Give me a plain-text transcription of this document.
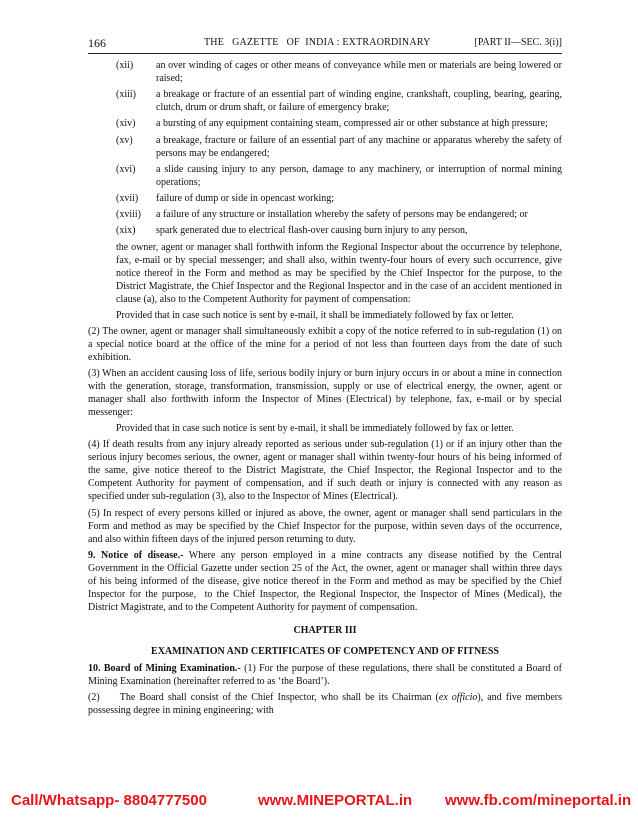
166	THE   GAZETTE   OF  INDIA : EXTRAORDINARY	[PART II—SEC. 3(i)]
(xii)	an over winding of cages or other means of conveyance while men or materials are being lowered or raised;
(xiii)	a breakage or fracture of an essential part of winding engine, crankshaft, coupling, bearing, gearing, clutch, drum or drum shaft, or failure of emergency brake;
(xiv)	a bursting of any equipment containing steam, compressed air or other substance at high pressure;
(xv)	a breakage, fracture or failure of an essential part of any machine or apparatus whereby the safety of persons may be endangered;
(xvi)	a slide causing injury to any person, damage to any machinery, or interruption of normal mining operations;
(xvii)	failure of dump or side in opencast working;
(xviii)	a failure of any structure or installation whereby the safety of persons may be endangered; or
(xix)	spark generated due to electrical flash-over causing burn injury to any person,
the owner, agent or manager shall forthwith inform the Regional Inspector about the occurrence by telephone, fax, e-mail or by special messenger; and shall also, within twenty-four hours of every such occurrence, give notice thereof in the Form and method as may be specified by the Chief Inspector for the purpose, to the District Magistrate, the Chief Inspector and the Regional Inspector and in the case of an accident mentioned in clause (a), also to the Competent Authority for payment of compensation:
Provided that in case such notice is sent by e-mail, it shall be immediately followed by fax or letter.
(2) The owner, agent or manager shall simultaneously exhibit a copy of the notice referred to in sub-regulation (1) on a special notice board at the office of the mine for a period of not less than fourteen days from the date of such exhibition.
(3) When an accident causing loss of life, serious bodily injury or burn injury occurs in or about a mine in connection with the generation, storage, transformation, transmission, supply or use of electrical energy, the owner, agent or manager shall also forthwith inform the Inspector of Mines (Electrical) by telephone, fax, e-mail or by special messenger:
Provided that in case such notice is sent by e-mail, it shall be immediately followed by fax or letter.
(4) If death results from any injury already reported as serious under sub-regulation (1) or if an injury other than the serious injury becomes serious, the owner, agent or manager shall within twenty-four hours of his being informed of the same, give notice thereof to the District Magistrate, the Chief Inspector, the Regional Inspector and to the Competent Authority for payment of compensation, and if such death or injury is connected with any reason as specified under sub-regulation (3), also to the Inspector of Mines (Electrical).
(5) In respect of every persons killed or injured as above, the owner, agent or manager shall send particulars in the Form and method as may be specified by the Chief Inspector for the purpose, within seven days of the occurrence, and also within fifteen days of the injured person returning to duty.
9. Notice of disease.- Where any person employed in a mine contracts any disease notified by the Central Government in the Official Gazette under section 25 of the Act, the owner, agent or manager shall within three days of his being informed of the disease, give notice thereof in the Form and method as may be specified by the Chief Inspector for the purpose,  to the Chief Inspector, the Regional Inspector, the Inspector of Mines (Medical), the District Magistrate, and to the Competent Authority for payment of compensation.
CHAPTER III
EXAMINATION AND CERTIFICATES OF COMPETENCY AND OF FITNESS
10. Board of Mining Examination.- (1) For the purpose of these regulations, there shall be constituted a Board of Mining Examination (hereinafter referred to as ‘the Board’).
(2)     The Board shall consist of the Chief Inspector, who shall be its Chairman (ex officio), and five members possessing degree in mining engineering; with
Call/Whatsapp- 8804777500	www.MINEPORTAL.in www.fb.com/mineportal.in
